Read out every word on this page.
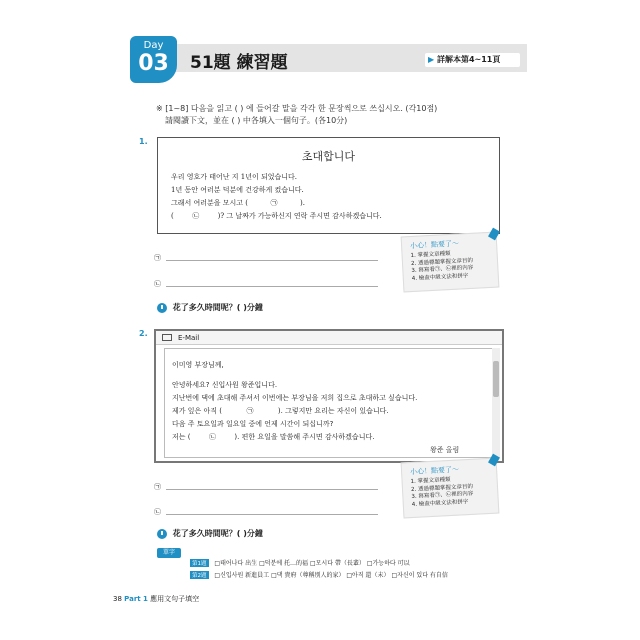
Day
03	51題 練習題	▶ 詳解本第4~11頁
※ [1~8] 다음을 읽고 ( ) 에 들어갈 말을 각각 한 문장씩으로 쓰십시오. (각10점)
請閱讀下文，並在 ( ) 中各填入一個句子。(各10分)
1.
초대합니다
우리 영호가 태어난 지 1년이 되었습니다.
1년 동안 여러분 덕분에 건강하게 컸습니다.
그래서 여러분을 모시고 (	㉠	).
(	㉡	)? 그 날짜가 가능하신지 연락 주시면 감사하겠습니다.
㉠
㉡
花了多久時間呢？( )分鐘
小心！點要了～
1. 掌握文章種類
2. 透過標題掌握文章目的
3. 寫寫看㉠、㉡裡的內容
4. 檢查中級文法和拼字
2.	E-Mail
이미영 부장님께,
안녕하세요? 신입사원 왕준입니다.
지난번에 댁에 초대해 주셔서 이번에는 부장님을 저희 집으로 초대하고 싶습니다.
제가 잎은 아직 (	㉠	). 그렇지만 요리는 자신이 있습니다.
다음 주 토요일과 일요일 중에 언제 시간이 되십니까?
저는 (	㉡	). 편한 요일을 말씀해 주시면 감사하겠습니다.
왕준 올림
㉠
㉡
花了多久時間呢？( )分鐘
小心！點要了～
1. 掌握文章種類
2. 透過標題掌握文章目的
3. 寫寫看㉠、㉡裡的內容
4. 檢查中級文法和拼字
單字
第1題 □태어나다 出生 □덕분에 托…的福 □모시다 帶（長輩） □가능하다 可以
第2題 □신입사원 新進員工 □댁 貴府（尊稱別人的家） □아직 還（未） □자신이 있다 有自信
38 Part 1 應用文句子填空
